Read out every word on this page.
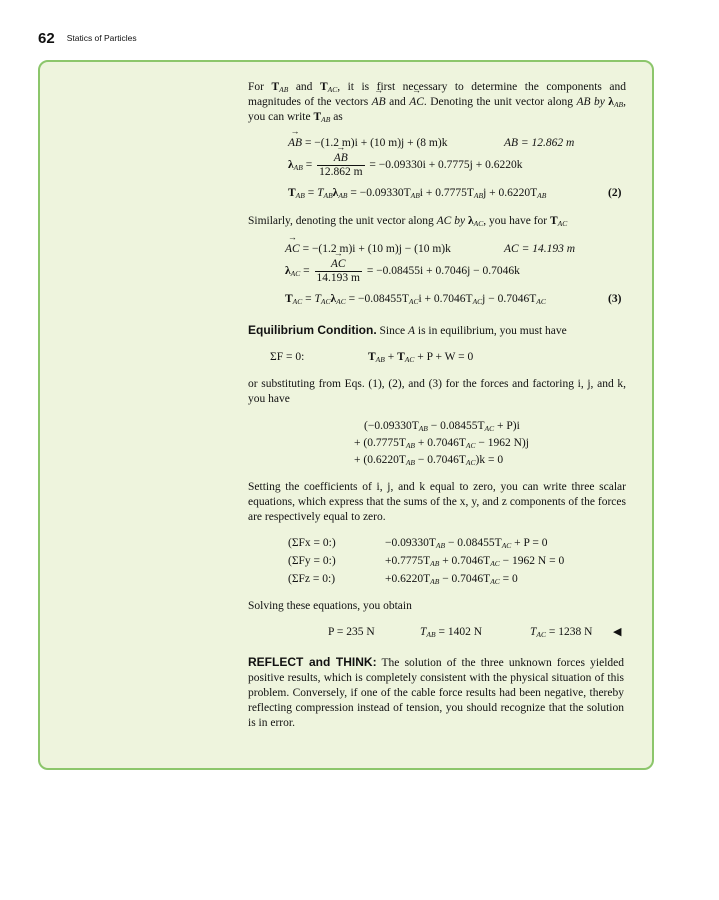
62 Statics of Particles
For $T_{AB}$ and $T_{AC}$, it is first necessary to determine the components and magnitudes of the vectors → AB and → AC. Denoting the unit vector along AB by $\lambda_{AB}$, you can write $T_{AB}$ as
→ AB = −(1.2 m)i + (10 m)j + (8 m)k	AB = 12.862 m
$\lambda_{AB}$ = → $\frac{AB}{12.862 m} = -0.09330i + 0.7775j + 0.6220k$
$T_{AB} = T_{AB}\lambda_{AB} = -0.09330T_{AB}i + 0.7775T_{AB}j + 0.6220T_{AB}$	(2)
Similarly, denoting the unit vector along AC by $\lambda_{AC}$, you have for $T_{AC}$
→ AC = −(1.2 m)i + (10 m)j − (10 m)k	AC = 14.193 m
$\lambda_{AC}$ = → $\frac{AC}{14.193 m} = -0.08455i + 0.7046j - 0.7046k$
$T_{AC} = T_{AC}\lambda_{AC} = -0.08455T_{AC}i + 0.7046T_{AC}j - 0.7046T_{AC}$	(3)
Equilibrium Condition. Since A is in equilibrium, you must have
ΣF = 0:	$T_{AB} + T_{AC} + P + W = 0$
or substituting from Eqs. (1), (2), and (3) for the forces and factoring i, j, and k, you have
$(-0.09330T_{AB} - 0.08455T_{AC} + P)i$
+ ($0.7775T_{AB} + 0.7046T_{AC} - 1962$ N)j
+ $(0.6220T_{AB} - 0.7046T_{AC})k = 0$
Setting the coefficients of i, j, and k equal to zero, you can write three scalar equations, which express that the sums of the x, y, and z components of the forces are respectively equal to zero.
(ΣFx = 0:)	$-0.09330T_{AB} - 0.08455T_{AC} + P = 0$
(ΣFy = 0:)	$+0.7775T_{AB} + 0.7046T_{AC} - 1962$ N = 0
(ΣFz = 0:)	$+0.6220T_{AB} - 0.7046T_{AC} = 0$
Solving these equations, you obtain
P = 235 N	$T_{AB} = 1402$ N	$T_{AC} = 1238$ N ◀
REFLECT and THINK: The solution of the three unknown forces yielded positive results, which is completely consistent with the physical situation of this problem. Conversely, if one of the cable force results had been negative, thereby reflecting compression instead of tension, you should recognize that the solution is in error.
